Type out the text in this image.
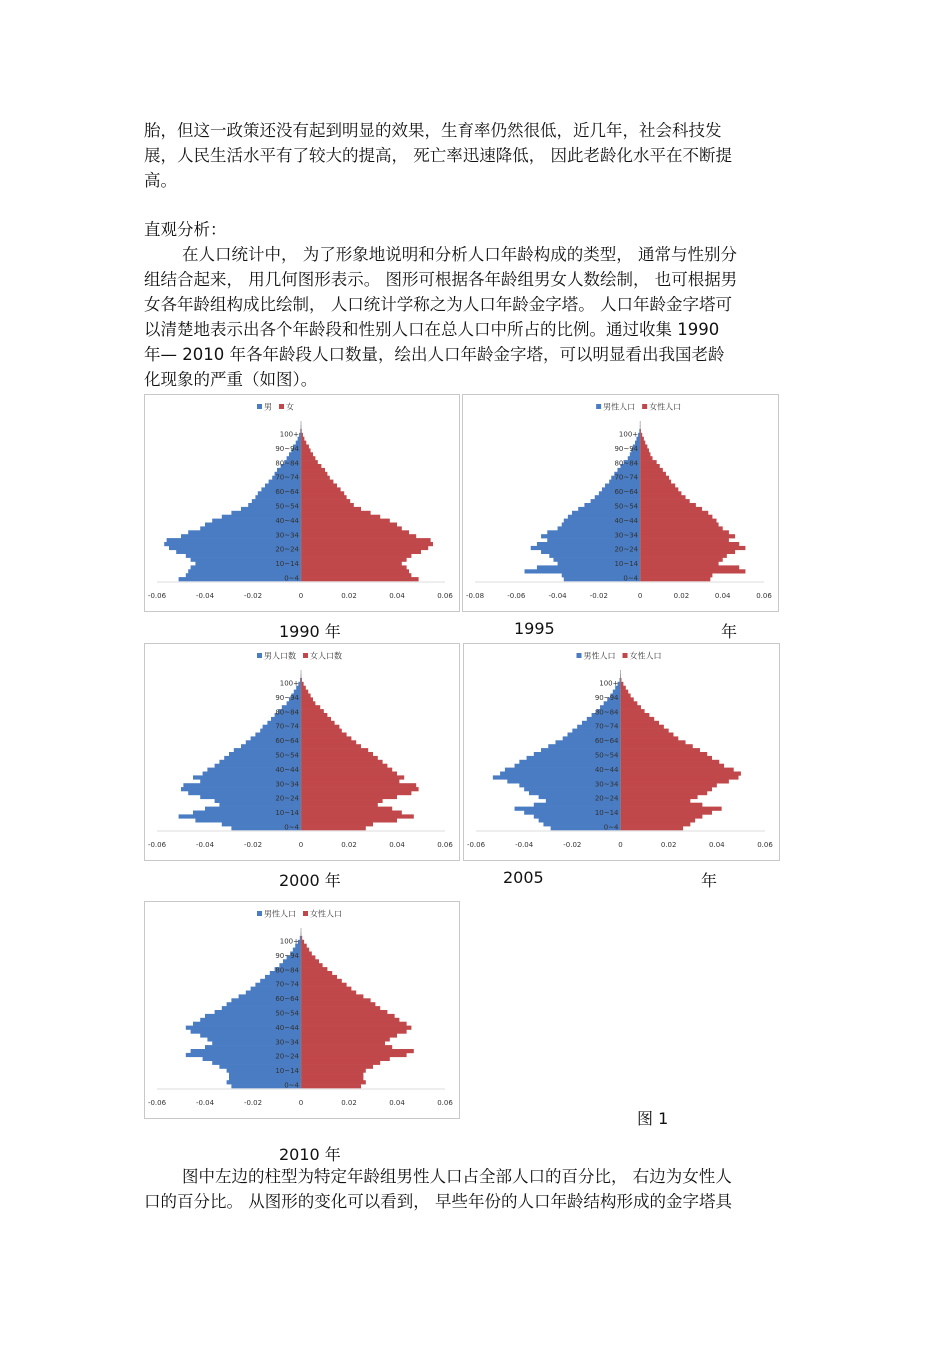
胎，但这一政策还没有起到明显的效果，生育率仍然很低，近几年，社会科技发
展，人民生活水平有了较大的提高， 死亡率迅速降低， 因此老龄化水平在不断提
高。

直观分析：

在人口统计中， 为了形象地说明和分析人口年龄构成的类型， 通常与性别分
组结合起来， 用几何图形表示。 图形可根据各年龄组男女人数绘制， 也可根据男
女各年龄组构成比绘制， 人口统计学称之为人口年龄金字塔。 人口年龄金字塔可
以清楚地表示出各个年龄段和性别人口在总人口中所占的比例。通过收集 1990
年— 2010 年各年龄段人口数量，绘出人口年龄金字塔，可以明显看出我国老龄
化现象的严重（如图）。

男 女
100+
90~94
80~84
70~74
60~64
50~54
40~44
30~34
20~24
10~14
0~4
-0.06	-0.04	-0.02	0	0.02	0.04	0.06
男性人口 女性人口
100+
90~94
80~84
70~74
60~64
50~54
40~44
30~34
20~24
10~14
0~4
-0.08	-0.06	-0.04	-0.02	0	0.02	0.04	0.06
男人口数 女人口数
100+
90~94
80~84
70~74
60~64
50~54
40~44
30~34
20~24
10~14
0~4
-0.06	-0.04	-0.02	0	0.02	0.04	0.06
男性人口 女性人口
100+
90~94
80~84
70~74
60~64
50~54
40~44
30~34
20~24
10~14
0~4
-0.06	-0.04	-0.02	0	0.02	0.04	0.06
男性人口 女性人口
100+
90~94
80~84
70~74
60~64
50~54
40~44
30~34
20~24
10~14
0~4
-0.06	-0.04	-0.02	0	0.02	0.04	0.06
1990 年	1995	年
2000 年	2005	年
图 1
2010 年

图中左边的柱型为特定年龄组男性人口占全部人口的百分比， 右边为女性人
口的百分比。 从图形的变化可以看到， 早些年份的人口年龄结构形成的金字塔具
